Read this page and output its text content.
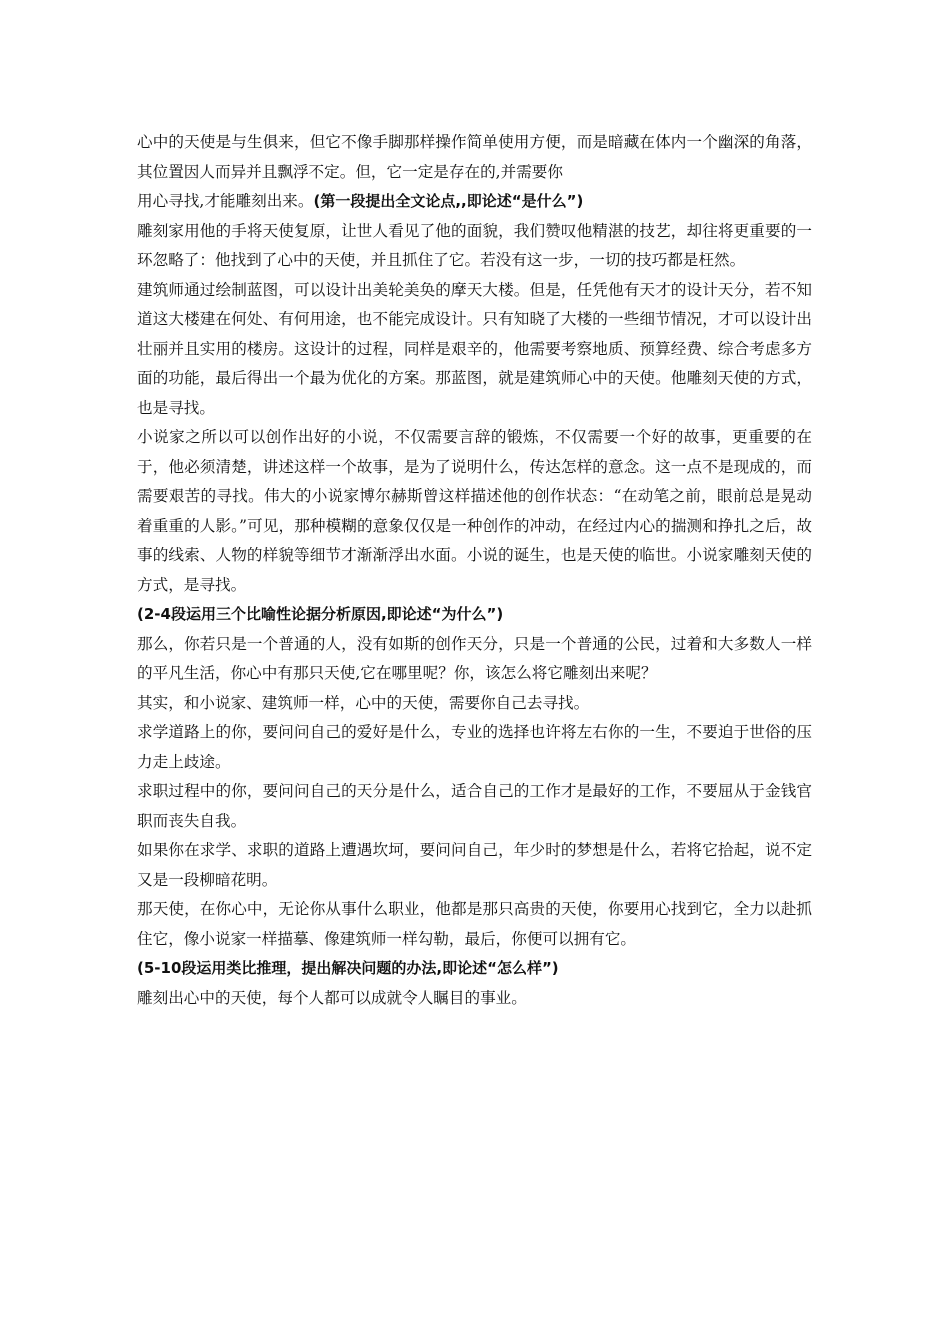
心中的天使是与生俱来，但它不像手脚那样操作简单使用方便，而是暗藏在体内一个幽深的角落，其位置因人而异并且飘浮不定。但，它一定是存在的,并需要你
用心寻找,才能雕刻出来。(第一段提出全文论点,,即论述“是什么”)

雕刻家用他的手将天使复原，让世人看见了他的面貌，我们赞叹他精湛的技艺，却往将更重要的一环忽略了：他找到了心中的天使，并且抓住了它。若没有这一步，一切的技巧都是枉然。

建筑师通过绘制蓝图，可以设计出美轮美奂的摩天大楼。但是，任凭他有天才的设计天分，若不知道这大楼建在何处、有何用途，也不能完成设计。只有知晓了大楼的一些细节情况，才可以设计出壮丽并且实用的楼房。这设计的过程，同样是艰辛的，他需要考察地质、预算经费、综合考虑多方面的功能，最后得出一个最为优化的方案。那蓝图，就是建筑师心中的天使。他雕刻天使的方式，也是寻找。

小说家之所以可以创作出好的小说，不仅需要言辞的锻炼，不仅需要一个好的故事，更重要的在于，他必须清楚，讲述这样一个故事，是为了说明什么，传达怎样的意念。这一点不是现成的，而需要艰苦的寻找。伟大的小说家博尔赫斯曾这样描述他的创作状态：“在动笔之前，眼前总是晃动着重重的人影。”可见，那种模糊的意象仅仅是一种创作的冲动，在经过内心的揣测和挣扎之后，故事的线索、人物的样貌等细节才渐渐浮出水面。小说的诞生，也是天使的临世。小说家雕刻天使的方式，是寻找。

(2-4段运用三个比喻性论据分析原因,即论述“为什么”)

那么，你若只是一个普通的人，没有如斯的创作天分，只是一个普通的公民，过着和大多数人一样的平凡生活，你心中有那只天使,它在哪里呢？你，该怎么将它雕刻出来呢？

其实，和小说家、建筑师一样，心中的天使，需要你自己去寻找。

求学道路上的你，要问问自己的爱好是什么，专业的选择也许将左右你的一生，不要迫于世俗的压力走上歧途。

求职过程中的你，要问问自己的天分是什么，适合自己的工作才是最好的工作，不要屈从于金钱官职而丧失自我。

如果你在求学、求职的道路上遭遇坎坷，要问问自己，年少时的梦想是什么，若将它拾起，说不定又是一段柳暗花明。

那天使，在你心中，无论你从事什么职业，他都是那只高贵的天使，你要用心找到它，全力以赴抓住它，像小说家一样描摹、像建筑师一样勾勒，最后，你便可以拥有它。

(5-10段运用类比推理，提出解决问题的办法,即论述“怎么样”)

雕刻出心中的天使，每个人都可以成就令人瞩目的事业。
